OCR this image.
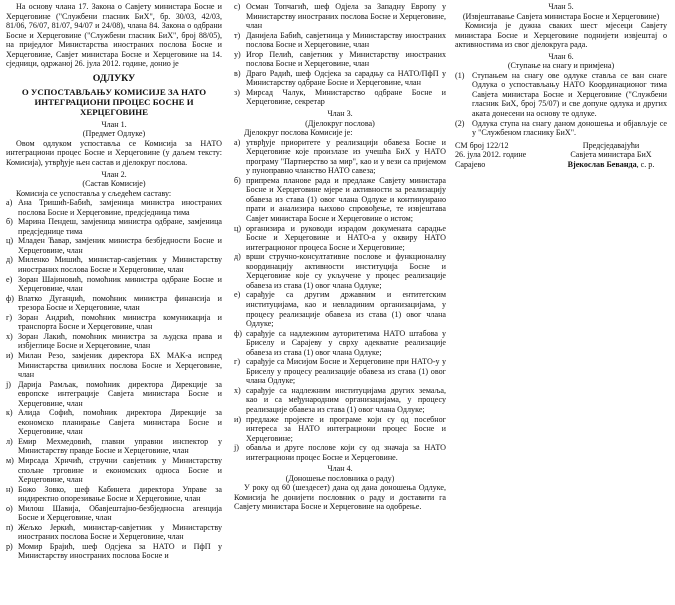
На основу члана 17. Закона о Савјету министара Босне и Херцеговине ("Службени гласник БиХ", бр. 30/03, 42/03, 81/06, 76/07, 81/07, 94/07 и 24/08), члана 84. Закона о одбрани Босне и Херцеговине ("Службени гласник БиХ", број 88/05), на приједлог Министарства иностраних послова Босне и Херцеговине, Савјет министара Босне и Херцеговине на 14. сједници, одржаној 26. јула 2012. године, донио је

ОДЛУКУ
О УСПОСТАВЉАЊУ КОМИСИЈЕ ЗА НАТО ИНТЕГРАЦИОНИ ПРОЦЕС БОСНЕ И ХЕРЦЕГОВИНЕ
Члан 1.
(Предмет Одлуке)

Овом одлуком успоставља се Комисија за НАТО интеграциони процес Босне и Херцеговине (у даљем тексту: Комисија), утврђује њен састав и дјелокруг послова.

Члан 2.
(Састав Комисије)

Комисија се успоставља у сљедећем саставу:

а) Ана Тришић-Бабић, замјеница министра иностраних послова Босне и Херцеговине, предсједница тима
б) Марина Пендеш, замјеница министра одбране, замјеница предсједнице тима
ц) Младен Ћавар, замјеник министра безбједности Босне и Херцеговине, члан
д) Миленко Мишић, министар-савјетник у Министарству иностраних послова Босне и Херцеговине, члан
е) Зоран Шајиновић, помоћник министра одбране Босне и Херцеговине, члан
ф) Влатко Дуганџић, помоћник министра финансија и трезора Босне и Херцеговине, члан
г) Зоран Андрић, помоћник министра комуникација и транспорта Босне и Херцеговине, члан
х) Зоран Лакић, помоћник министра за људска права и избјеглице Босне и Херцеговине, члан
и) Милан Резо, замјеник директора БХ МАК-а испред Министарства цивилних послова Босне и Херцеговине, члан
ј) Дарија Рамљак, помоћник директора Дирекције за европске интеграције Савјета министара Босне и Херцеговине, члан
к) Алида Софић, помоћник директора Дирекције за економско планирање Савјета министара Босне и Херцеговине, члан
л) Емир Мехмедовић, главни управни инспектор у Министарству правде Босне и Херцеговине, члан
м) Мирсада Хрнчић, стручни савјетник у Министарству спољне трговине и економских односа Босне и Херцеговине, члан
н) Божо Зовко, шеф Кабинета директора Управе за индиректно опорезивање Босне и Херцеговине, члан
о) Милош Шавија, Обавјештајно-безбједносна агенција Босне и Херцеговине, члан
п) Жељко Јеркић, министар-савјетник у Министарству иностраних послова Босне и Херцеговине, члан
р) Момир Брајић, шеф Одсјека за НАТО и ПфП у Министарству иностраних послова Босне и
с) Осман Топчагић, шеф Одјела за Западну Европу у Министарству иностраних послова Босне и Херцеговине, члан
т) Даниjела Бабић, савјетница у Министарству иностраних послова Босне и Херцеговине, члан
у) Игор Пелић, савјетник у Министарству иностраних послова Босне и Херцеговине, члан
в) Драго Радић, шеф Одсјека за сарадњу са НАТО/ПфП у Министарству одбране Босне и Херцеговине, члан
з) Мирсад Чалук, Министарство одбране Босне и Херцеговине, секретар
Члан 3.
(Дјелокруг послова)

Дјелокруг послова Комисије је:

а) утврђује приоритете у реализацији обавеза Босне и Херцеговине које произлазе из учешћа БиХ у НАТО програму "Партнерство за мир", као и у вези са пријемом у пуноправно чланство НАТО савеза;
б) припрема планове рада и предлаже Савјету министара Босне и Херцеговине мјере и активности за реализацију обавеза из става (1) овог члана Одлуке и континуирано прати и анализира њихово спровођење, те извјештава Савјет министара Босне и Херцеговине о истом;
ц) организира и руководи израдом докумената сарадње Босне и Херцеговине и НАТО-а у оквиру НАТО интеграционог процеса Босне и Херцеговине;
д) врши стручно-консултативне послове и функционалну координацију активности институција Босне и Херцеговине које су укључене у процес реализације обавеза из става (1) овог члана Одлуке;
е) сарађује са другим државним и ентитетским институцијама, као и невладиним организацијама, у процесу реализације обавеза из става (1) овог члана Одлуке;
ф) сарађује са надлежним ауторитетима НАТО штабова у Бриселу и Сарајеву у сврху адекватне реализације обавеза из става (1) овог члана Одлуке;
г) сарађује са Мисијом Босне и Херцеговине при НАТО-у у Бриселу у процесу реализације обавеза из става (1) овог члана Одлуке;
х) сарађује са надлежним институцијама других земаља, као и са међународним организацијама, у процесу реализације обавеза из става (1) овог члана Одлуке;
и) предлаже пројекте и програме који су од посебног интереса за НАТО интеграциони процес Босне и Херцеговине;
ј) обавља и друге послове који су од значаја за НАТО интеграциони процес Босне и Херцеговине.
Члан 4.
(Доношење пословника о раду)

У року од 60 (шездесет) дана од дана доношења Одлуке, Комисија ће донијети пословник о раду и доставити га Савјету министара Босне и Херцеговине на одобрење.

Члан 5.
(Извјештавање Савјета министара Босне и Херцеговине)

Комисија је дужна сваких шест мјесеци Савјету министара Босне и Херцеговине поднијети извјештај о активностима из свог дјелокруга рада.

Члан 6.
(Ступање на снагу и примјена)
(1) Ступањем на снагу ове одлуке ставља се ван снаге Одлука о успостављању НАТО Координационог тима Савјета министара Босне и Херцеговине ("Службени гласник БиХ, број 75/07) и све допуне одлука и других аката донесени на основу те одлуке.
(2) Одлука ступа на снагу даном доношења и објављује се у "Службеном гласнику БиХ".
СМ број 122/12
26. јула 2012. године
Сарајево
Предсједавајући
Савјета министара БиХ
Вјекослав Беванда, с. р.
